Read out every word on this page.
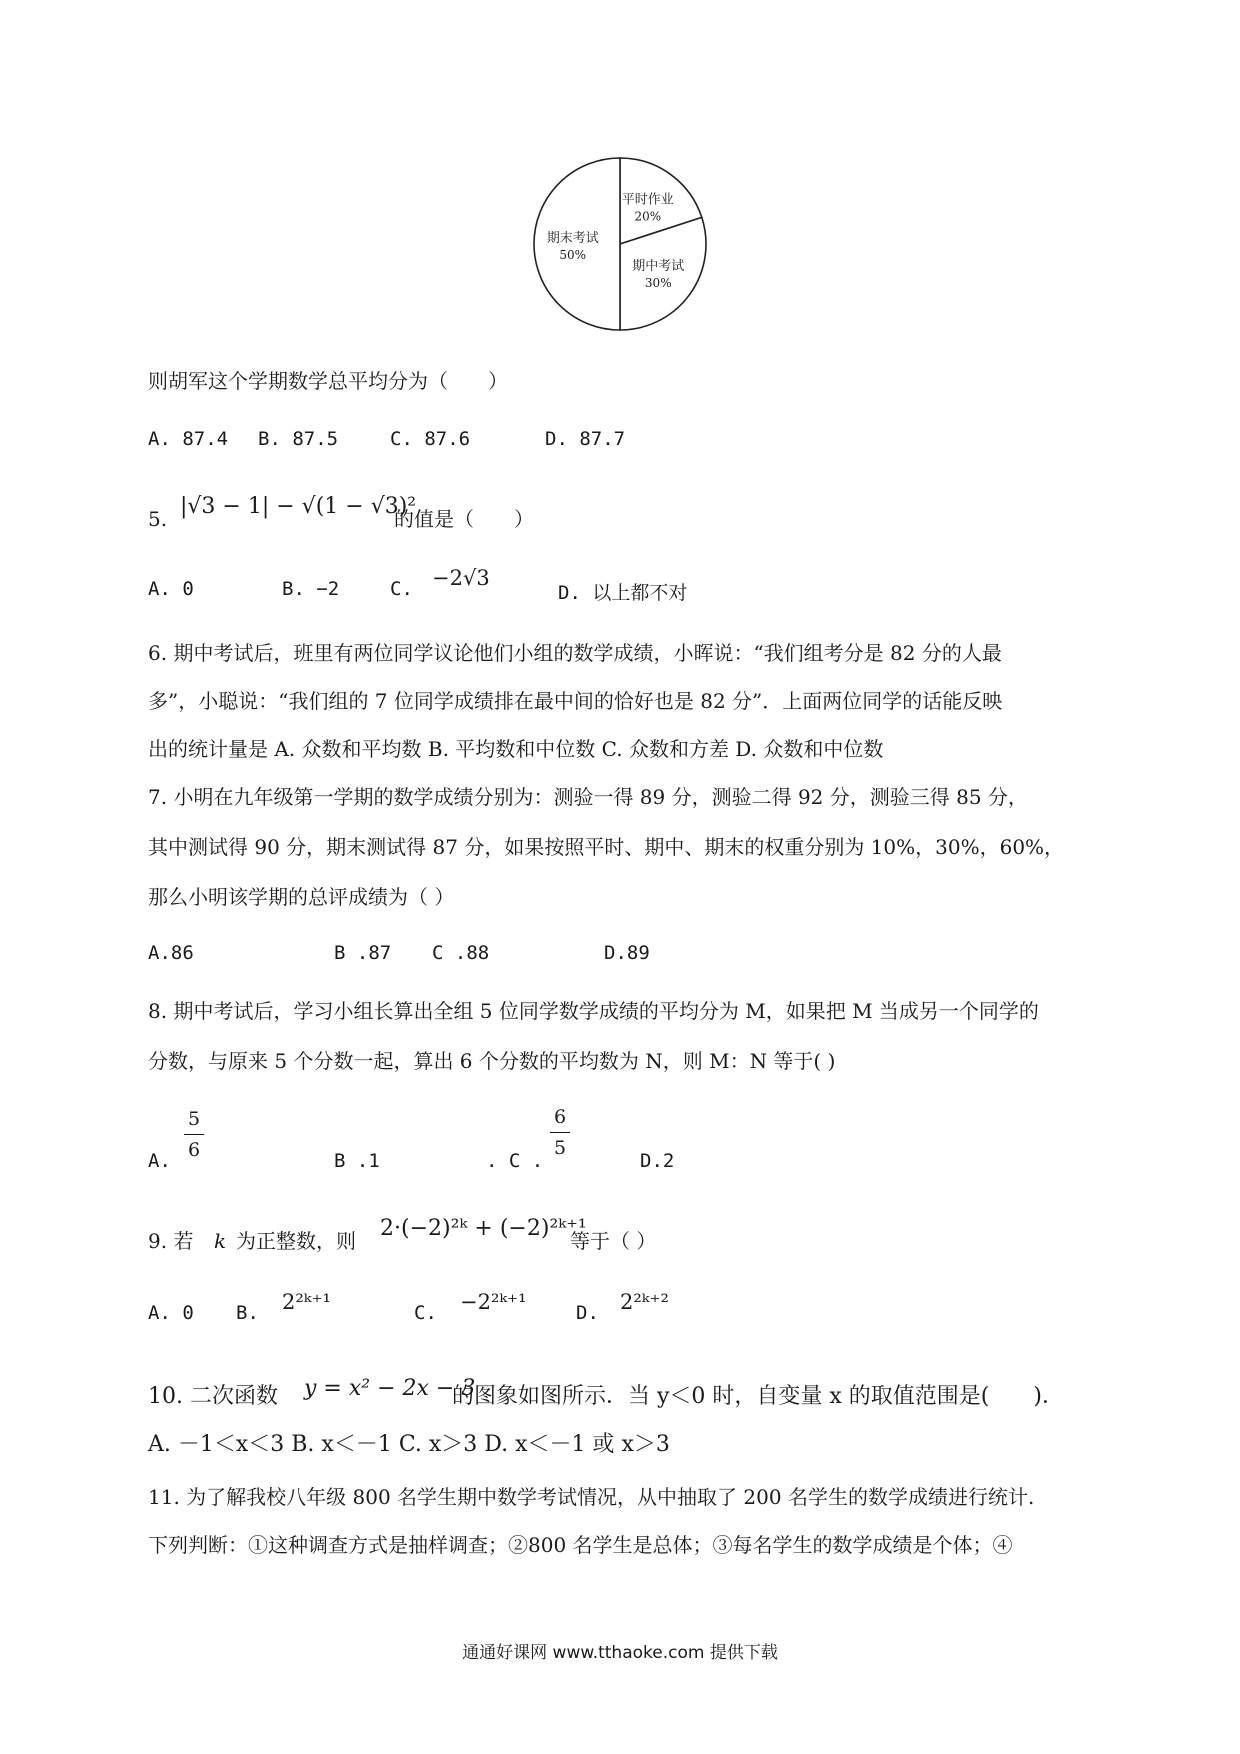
平时作业
20%
期中考试
30%
期末考试
50%
则胡军这个学期数学总平均分为（　　）
A. 87.4 B. 87.5	C. 87.6	D. 87.7
5. |√3 − 1| − √(1 − √3)²
的值是（　　）
A. 0	B. −2	C. −2√3
D. 以上都不对
6. 期中考试后，班里有两位同学议论他们小组的数学成绩，小晖说：“我们组考分是 82 分的人最
多”，小聪说：“我们组的 7 位同学成绩排在最中间的恰好也是 82 分”．上面两位同学的话能反映
出的统计量是 A. 众数和平均数 B. 平均数和中位数 C. 众数和方差 D. 众数和中位数
7. 小明在九年级第一学期的数学成绩分别为：测验一得 89 分，测验二得 92 分，测验三得 85 分，
其中测试得 90 分，期末测试得 87 分，如果按照平时、期中、期末的权重分别为 10%，30%，60%，
那么小明该学期的总评成绩为（ ）
A.86	B .87 C .88	D.89
8. 期中考试后，学习小组长算出全组 5 位同学数学成绩的平均分为 M，如果把 M 当成另一个同学的
分数，与原来 5 个分数一起，算出 6 个分数的平均数为 N，则 M：N 等于( )
A.
5
6	B .1	. C .
6
5
D.2
9. 若 k 为正整数，则 2·(−2)²ᵏ + (−2)²ᵏ⁺¹
等于（ ）
A. 0 B. 2²ᵏ⁺¹	C. −2²ᵏ⁺¹	D. 2²ᵏ⁺²
10. 二次函数 y = x² − 2x − 3
的图象如图所示．当 y＜0 时，自变量 x 的取值范围是(　　)．
A. －1＜x＜3 B. x＜－1 C. x＞3 D. x＜－1 或 x＞3
11. 为了解我校八年级 800 名学生期中数学考试情况，从中抽取了 200 名学生的数学成绩进行统计.
下列判断：①这种调查方式是抽样调查；②800 名学生是总体；③每名学生的数学成绩是个体；④
通通好课网 www.tthaoke.com 提供下载
